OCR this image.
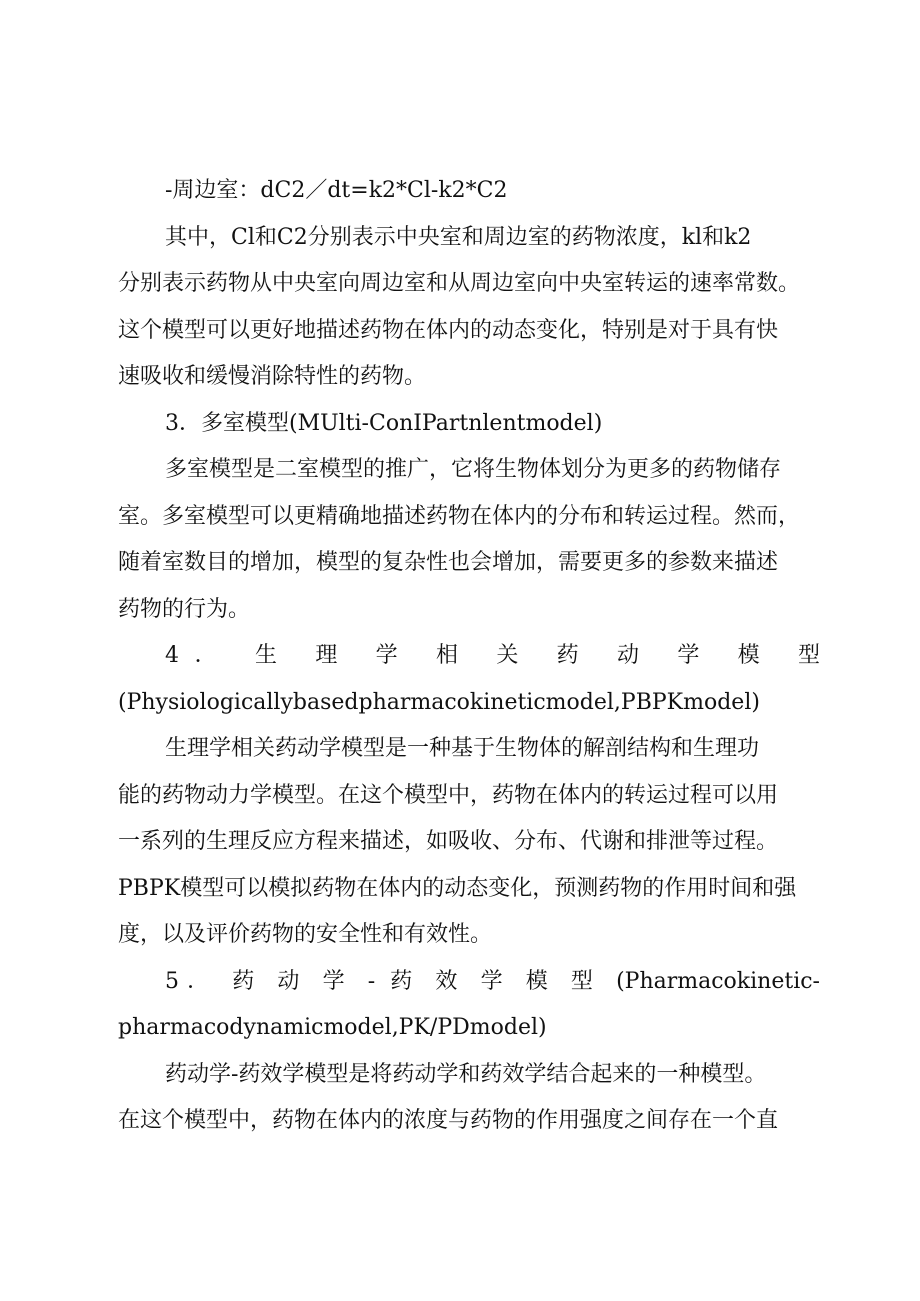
-周边室：dC2／dt=k2*Cl-k2*C2
其中，Cl和C2分别表示中央室和周边室的药物浓度，kl和k2
分别表示药物从中央室向周边室和从周边室向中央室转运的速率常数。
这个模型可以更好地描述药物在体内的动态变化，特别是对于具有快
速吸收和缓慢消除特性的药物。
3．多室模型(MUlti-ConIPartnlentmodel)
多室模型是二室模型的推广，它将生物体划分为更多的药物储存
室。多室模型可以更精确地描述药物在体内的分布和转运过程。然而，
随着室数目的增加，模型的复杂性也会增加，需要更多的参数来描述
药物的行为。
4． 生 理 学 相 关 药 动 学 模 型
(Physiologicallybasedpharmacokineticmodel,PBPKmodel)
生理学相关药动学模型是一种基于生物体的解剖结构和生理功
能的药物动力学模型。在这个模型中，药物在体内的转运过程可以用
一系列的生理反应方程来描述，如吸收、分布、代谢和排泄等过程。
PBPK模型可以模拟药物在体内的动态变化，预测药物的作用时间和强
度，以及评价药物的安全性和有效性。
5． 药 动 学 - 药 效 学 模 型 (Pharmacokinetic-
pharmacodynamicmodel,PK/PDmodel)
药动学-药效学模型是将药动学和药效学结合起来的一种模型。
在这个模型中，药物在体内的浓度与药物的作用强度之间存在一个直
